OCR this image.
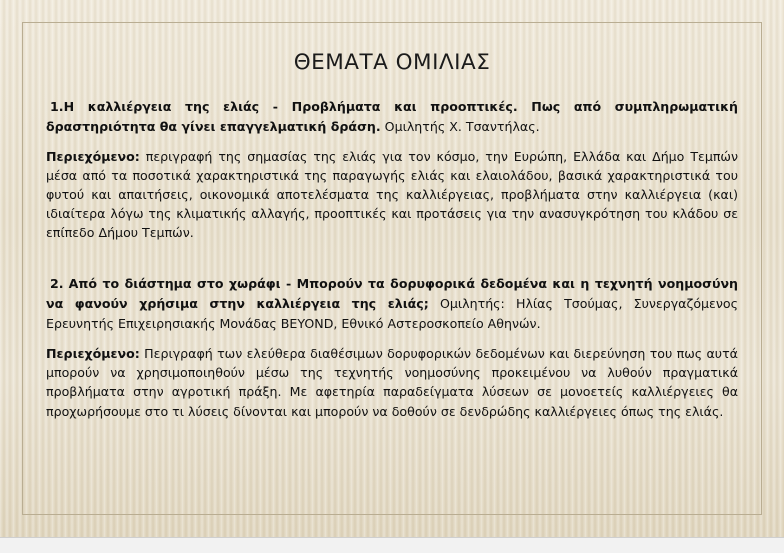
ΘΕΜΑΤΑ ΟΜΙΛΙΑΣ

1.Η καλλιέργεια της ελιάς - Προβλήματα και προοπτικές. Πως από συμπληρωματική δραστηριότητα θα γίνει επαγγελματική δράση. Ομιλητής Χ. Τσαντήλας.

Περιεχόμενο: περιγραφή της σημασίας της ελιάς για τον κόσμο, την Ευρώπη, Ελλάδα και Δήμο Τεμπών μέσα από τα ποσοτικά χαρακτηριστικά της παραγωγής ελιάς και ελαιολάδου, βασικά χαρακτηριστικά του φυτού και απαιτήσεις, οικονομικά αποτελέσματα της καλλιέργειας, προβλήματα στην καλλιέργεια (και) ιδιαίτερα λόγω της κλιματικής αλλαγής, προοπτικές και προτάσεις για την ανασυγκρότηση του κλάδου σε επίπεδο Δήμου Τεμπών.

2. Από το διάστημα στο χωράφι - Μπορούν τα δορυφορικά δεδομένα και η τεχνητή νοημοσύνη να φανούν χρήσιμα στην καλλιέργεια της ελιάς; Ομιλητής: Ηλίας Τσούμας, Συνεργαζόμενος Ερευνητής Επιχειρησιακής Μονάδας BEYOND, Εθνικό Αστεροσκοπείο Αθηνών.

Περιεχόμενο: Περιγραφή των ελεύθερα διαθέσιμων δορυφορικών δεδομένων και διερεύνηση του πως αυτά μπορούν να χρησιμοποιηθούν μέσω της τεχνητής νοημοσύνης προκειμένου να λυθούν πραγματικά προβλήματα στην αγροτική πράξη. Με αφετηρία παραδείγματα λύσεων σε μονοετείς καλλιέργειες θα προχωρήσουμε στο τι λύσεις δίνονται και μπορούν να δοθούν σε δενδρώδης καλλιέργειες όπως της ελιάς.
